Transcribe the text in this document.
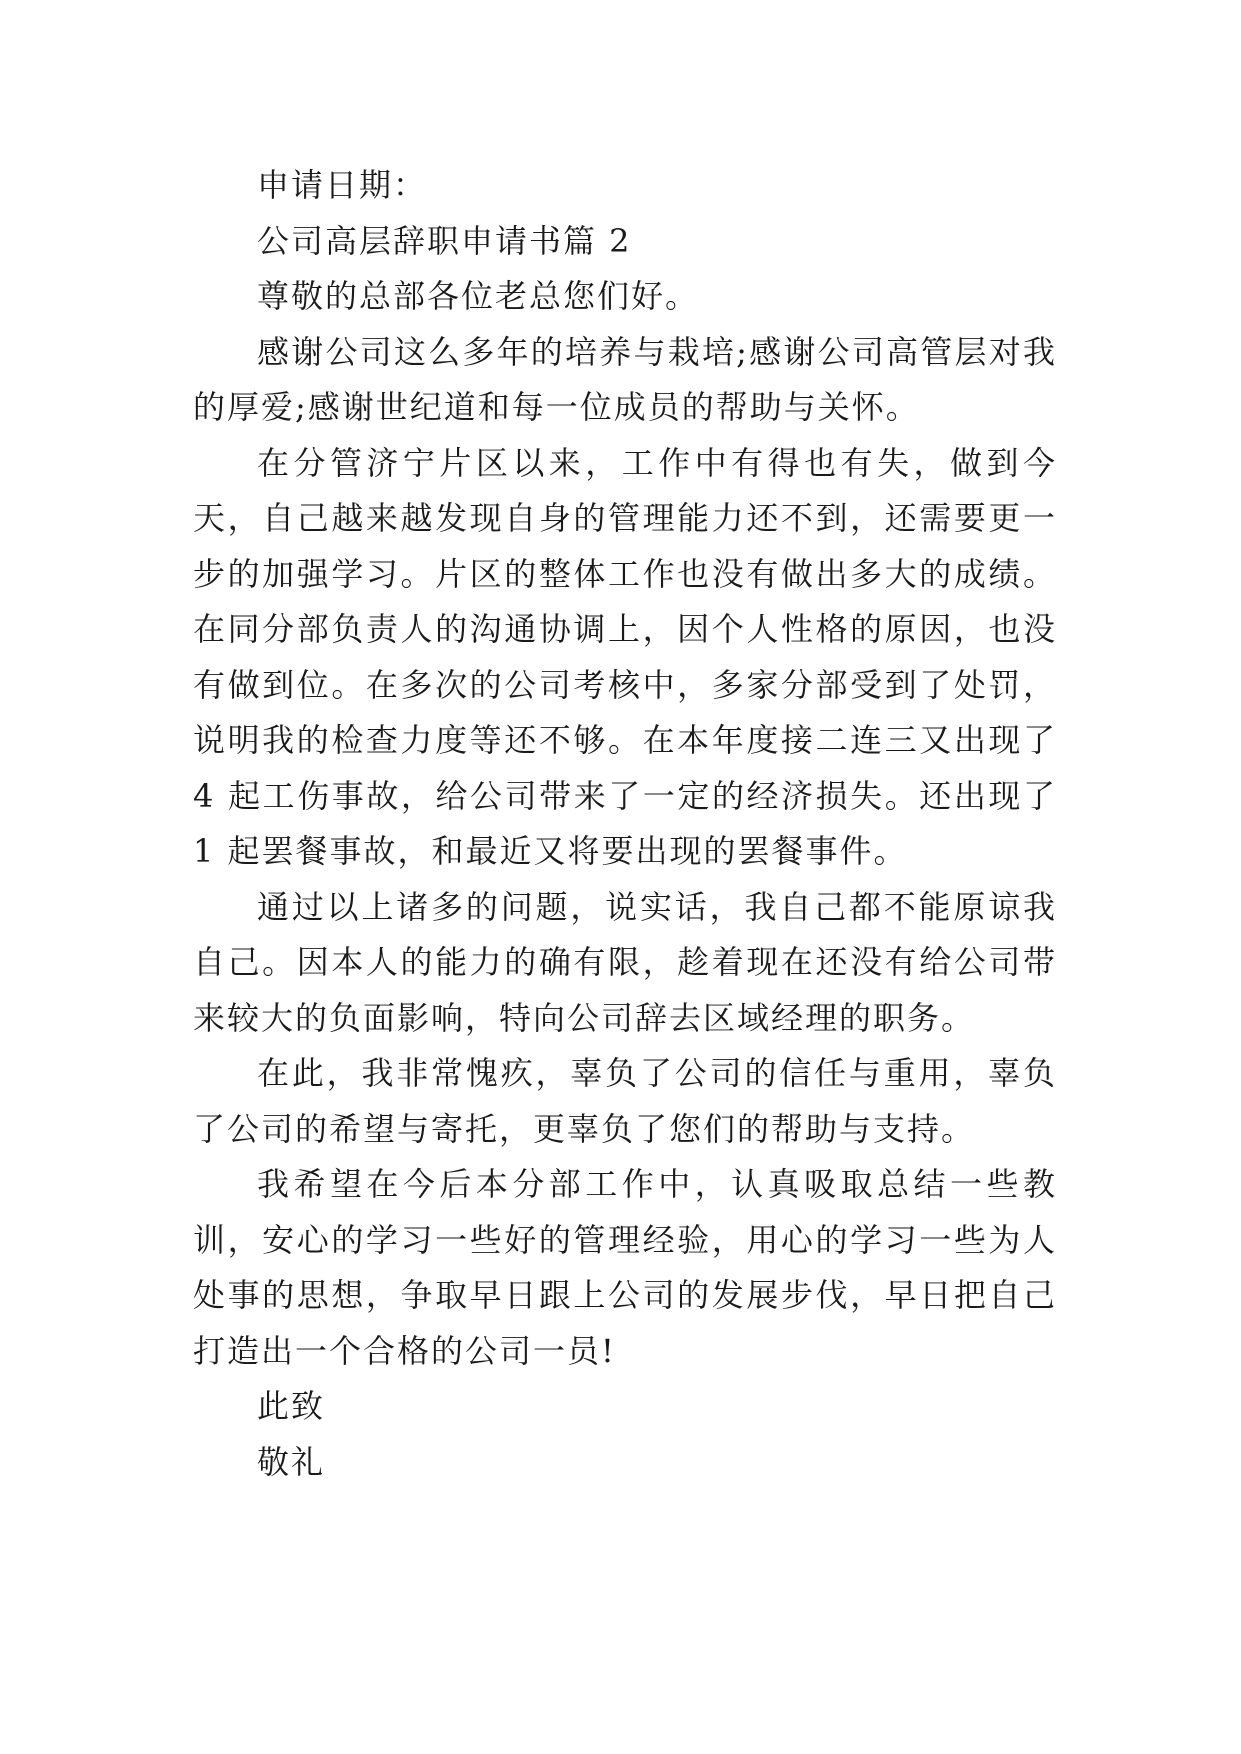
申请日期：

公司高层辞职申请书篇 2

尊敬的总部各位老总您们好。

感谢公司这么多年的培养与栽培;感谢公司高管层对我的厚爱;感谢世纪道和每一位成员的帮助与关怀。

在分管济宁片区以来，工作中有得也有失，做到今天，自己越来越发现自身的管理能力还不到，还需要更一步的加强学习。片区的整体工作也没有做出多大的成绩。在同分部负责人的沟通协调上，因个人性格的原因，也没有做到位。在多次的公司考核中，多家分部受到了处罚，说明我的检查力度等还不够。在本年度接二连三又出现了 4 起工伤事故，给公司带来了一定的经济损失。还出现了 1 起罢餐事故，和最近又将要出现的罢餐事件。

通过以上诸多的问题，说实话，我自己都不能原谅我自己。因本人的能力的确有限，趁着现在还没有给公司带来较大的负面影响，特向公司辞去区域经理的职务。

在此，我非常愧疚，辜负了公司的信任与重用，辜负了公司的希望与寄托，更辜负了您们的帮助与支持。

我希望在今后本分部工作中，认真吸取总结一些教训，安心的学习一些好的管理经验，用心的学习一些为人处事的思想，争取早日跟上公司的发展步伐，早日把自己打造出一个合格的公司一员!

此致

敬礼
